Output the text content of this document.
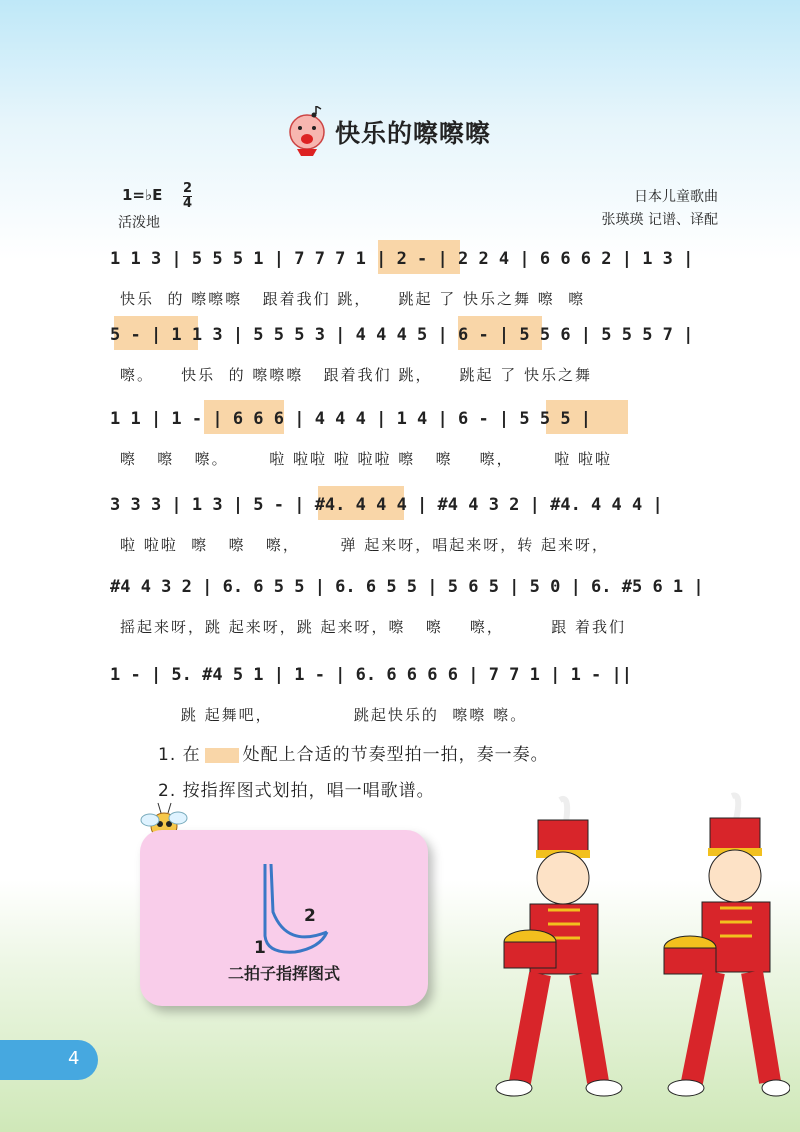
快乐的嚓嚓嚓
1=♭E $\frac{2}{4}$
活泼地
日本儿童歌曲
张瑛瑛 记谱、译配
1 1 3 | 5 5 5 1 | 7 7 7 1 | 2 - | 2 2 4 | 6 6 6 2 | 1 3 |
快乐  的 嚓嚓嚓   跟着我们 跳，    跳起 了 快乐之舞 嚓  嚓
5 - | 1 1 3 | 5 5 5 3 | 4 4 4 5 | 6 - | 5 5 6 | 5 5 5 7 |
嚓。    快乐  的 嚓嚓嚓   跟着我们 跳，    跳起 了 快乐之舞
1 1 | 1 - | 6 6 6 | 4 4 4 | 1 4 | 6 - | 5 5 5 |
嚓   嚓   嚓。      啦 啦啦 啦 啦啦 嚓   嚓    嚓，      啦 啦啦
3 3 3 | 1 3 | 5 - | #4. 4 4 4 | #4 4 3 2 | #4. 4 4 4 |
啦 啦啦  嚓   嚓   嚓，      弹 起来呀，唱起来呀，转 起来呀，
#4 4 3 2 | 6. 6 5 5 | 6. 6 5 5 | 5 6 5 | 5 0 | 6. #5 6 1 |
摇起来呀，跳 起来呀，跳 起来呀，嚓   嚓    嚓，       跟 着我们
1 - | 5. #4 5 1 | 1 - | 6. 6 6 6 6 | 7 7 1 | 1 - ||
跳 起舞吧，            跳起快乐的  嚓嚓 嚓。
1. 在 处配上合适的节奏型拍一拍，奏一奏。
2. 按指挥图式划拍，唱一唱歌谱。
1
2
二拍子指挥图式
4
